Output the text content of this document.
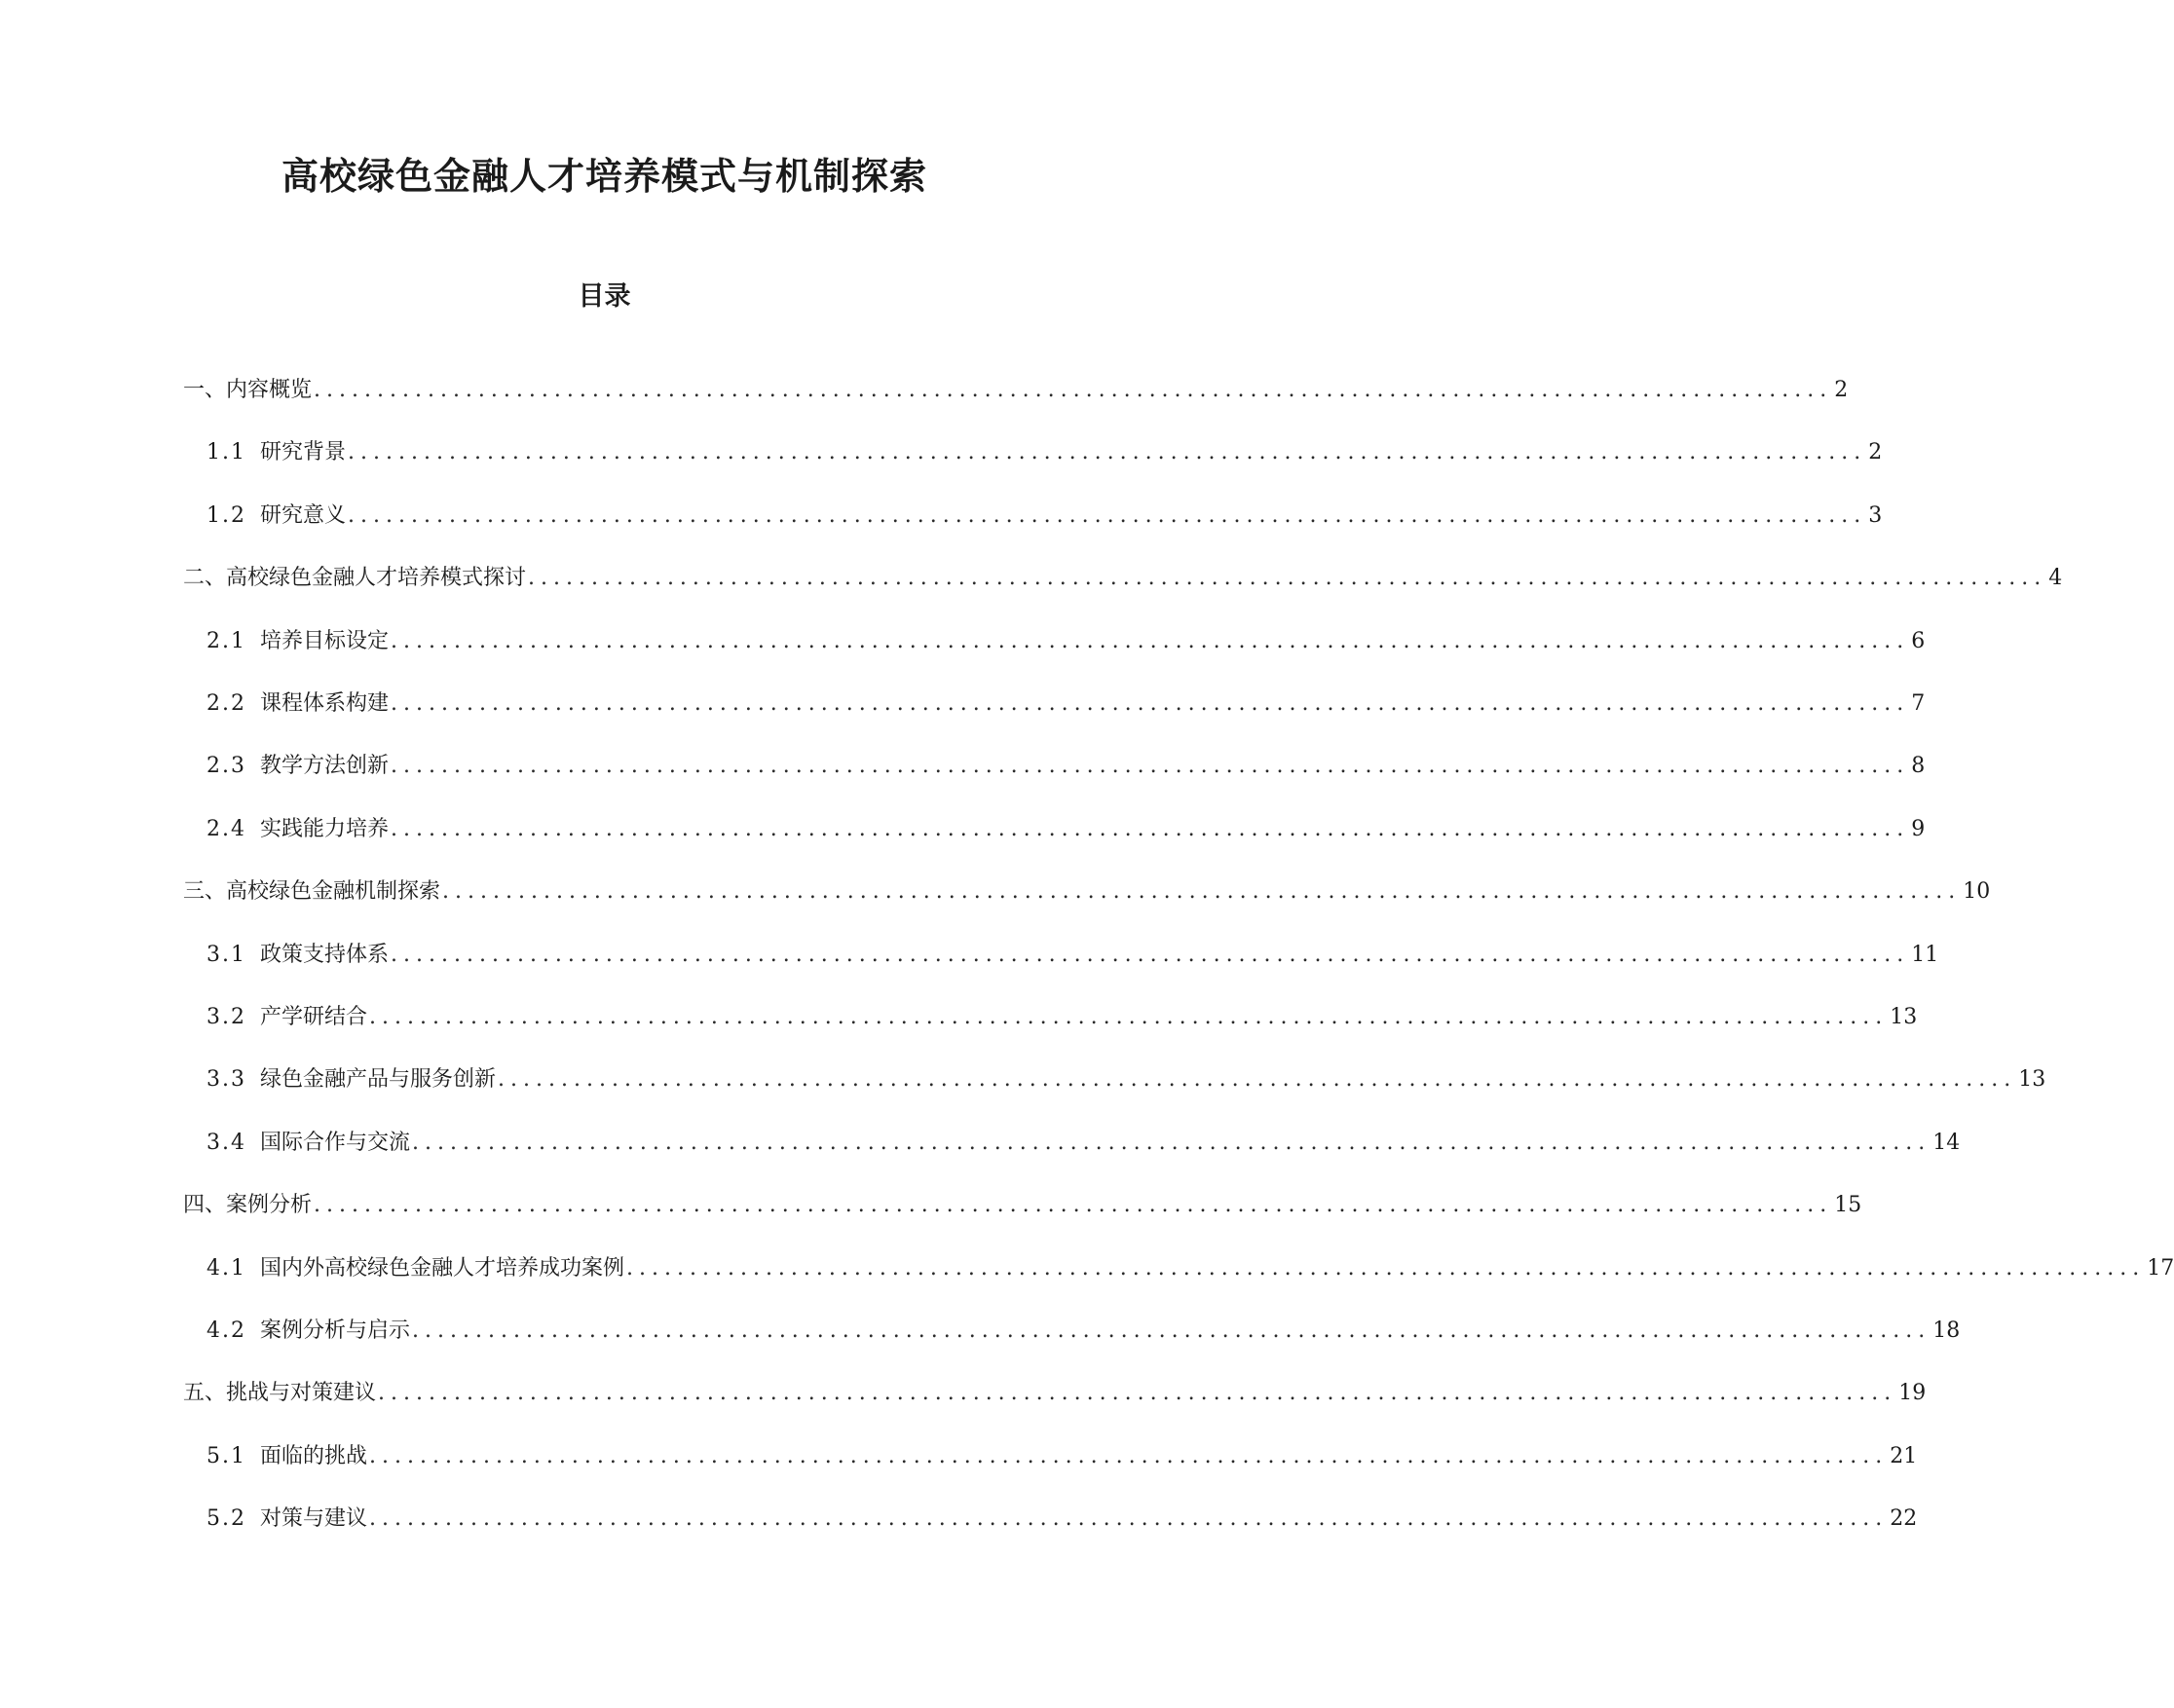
高校绿色金融人才培养模式与机制探索
目录
一、内容概览 ........................................................................................................................ 2
1.1 研究背景 ........................................................................................................................ 2
1.2 研究意义 ........................................................................................................................ 3
二、高校绿色金融人才培养模式探讨 ........................................................................................................................ 4
2.1 培养目标设定 ........................................................................................................................ 6
2.2 课程体系构建 ........................................................................................................................ 7
2.3 教学方法创新 ........................................................................................................................ 8
2.4 实践能力培养 ........................................................................................................................ 9
三、高校绿色金融机制探索 ........................................................................................................................ 10
3.1 政策支持体系 ........................................................................................................................ 11
3.2 产学研结合 ........................................................................................................................ 13
3.3 绿色金融产品与服务创新 ........................................................................................................................ 13
3.4 国际合作与交流 ........................................................................................................................ 14
四、案例分析 ........................................................................................................................ 15
4.1 国内外高校绿色金融人才培养成功案例 ........................................................................................................................ 17
4.2 案例分析与启示 ........................................................................................................................ 18
五、挑战与对策建议 ........................................................................................................................ 19
5.1 面临的挑战 ........................................................................................................................ 21
5.2 对策与建议 ........................................................................................................................ 22
